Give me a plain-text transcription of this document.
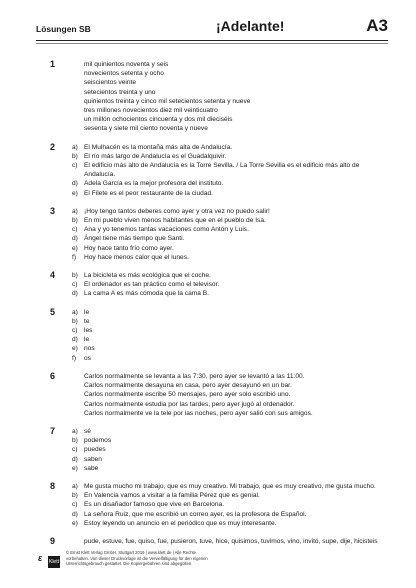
Lösungen SB	¡Adelante!	A3
1	mil quinientos noventa y seis
novecientos setenta y ocho
seiscientos veinte
setecientos treinta y uno
quinientos treinta y cinco mil setecientos setenta y nueve
tres millones novecientos diez mil veinticuatro
un millón ochocientos cincuenta y dos mil dieciséis
sesenta y siete mil ciento noventa y nueve
2	a) El Mulhacén es la montaña más alta de Andalucía.
b) El río más largo de Andalucía es el Guadalquivir.
c) El edificio más alto de Andalucía es la Torre Sevilla. / La Torre Sevilla es el edificio más alto de
Andalucía.
d) Adela García es la mejor profesora del instituto.
e) El Filete es el peor restaurante de la ciudad.
3	a) ¡Hoy tengo tantos deberes como ayer y otra vez no puedo salir!
b) En mi pueblo viven menos habitantes que en el pueblo de Isa.
c) Ana y yo tenemos tantas vacaciones como Antón y Luis.
d) Ángel tiene más tiempo que Santi.
e) Hoy hace tanto frío como ayer.
f) Hoy hace menos calor que el lunes.
4	b) La bicicleta es más ecológica que el coche.
c) El ordenador es tan práctico como el televisor.
d) La cama A es más cómoda que la cama B.
5	a) le
b) te
c) les
d) le
e) nos
f) os
6	Carlos normalmente se levanta a las 7:30, pero ayer se levantó a las 11:00.
Carlos normalmente desayuna en casa, pero ayer desayunó en un bar.
Carlos normalmente escribe 50 mensajes, pero ayer solo escribió uno.
Carlos normalmente estudia por las tardes, pero ayer jugó al ordenador.
Carlos normalmente ve la tele por las noches, pero ayer salió con sus amigos.
7	a) sé
b) podemos
c) puedes
d) saben
e) sabe
8	a) Me gusta mucho mi trabajo, que es muy creativo. Mi trabajo, que es muy creativo, me gusta mucho.
b) En Valencia vamos a visitar a la familia Pérez que es genial.
c) Es un disañador famoso que vive en Barcelona.
d) La señora Ruiz, que me escribió un correo ayer, es la profesora de Español.
e) Estoy leyendo un anuncio en el periódico que es muy interesante.
9	pude, estuve, fue, quiso, fue, pusieron, tuve, hice, quisimos, tuvimos, vino, invitó, supe, dije, hicisteis
ɛ Klett
© Ernst Klett Verlag GmbH, Stuttgart 2019 | www.klett.de | Alle Rechte
vorbehalten. Von dieser Druckvorlage ist die Vervielfältigung für den eigenen
Unterrichtsgebrauch gestattet. Die Kopiergebühren sind abgegolten.
